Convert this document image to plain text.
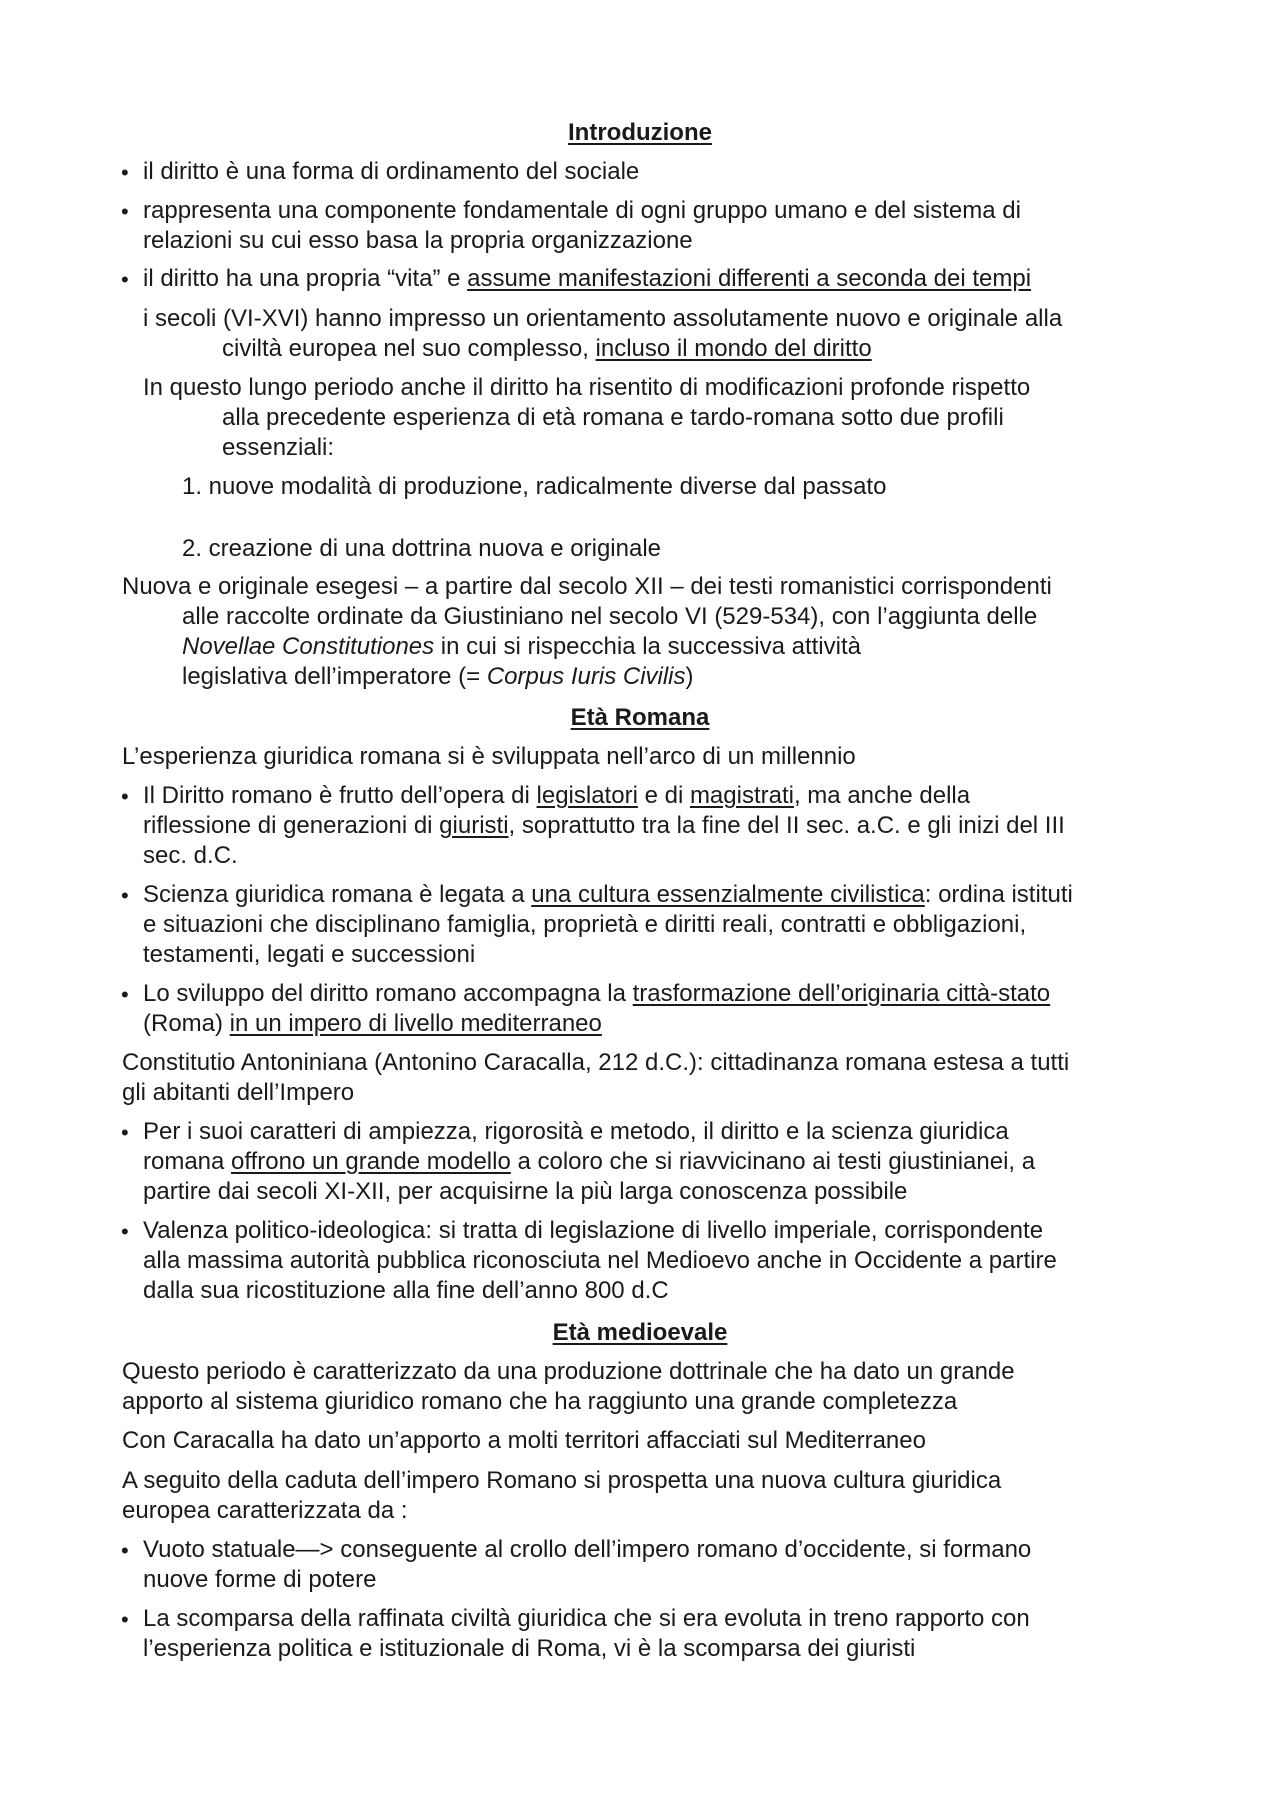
Introduzione
• il diritto è una forma di ordinamento del sociale

• rappresenta una componente fondamentale di ogni gruppo umano e del sistema di

relazioni su cui esso basa la propria organizzazione

• il diritto ha una propria “vita” e assume manifestazioni differenti a seconda dei tempi

i secoli (VI-XVI) hanno impresso un orientamento assolutamente nuovo e originale alla

civiltà europea nel suo complesso, incluso il mondo del diritto

In questo lungo periodo anche il diritto ha risentito di modificazioni profonde rispetto

alla precedente esperienza di età romana e tardo-romana sotto due profili

essenziali:

1. nuove modalità di produzione, radicalmente diverse dal passato

2. creazione di una dottrina nuova e originale

Nuova e originale esegesi – a partire dal secolo XII – dei testi romanistici corrispondenti

alle raccolte ordinate da Giustiniano nel secolo VI (529-534), con l’aggiunta delle

Novellae Constitutiones in cui si rispecchia la successiva attività

legislativa dell’imperatore (= Corpus Iuris Civilis)

Età Romana

L’esperienza giuridica romana si è sviluppata nell’arco di un millennio

• Il Diritto romano è frutto dell’opera di legislatori e di magistrati, ma anche della

riflessione di generazioni di giuristi, soprattutto tra la fine del II sec. a.C. e gli inizi del III

sec. d.C.

• Scienza giuridica romana è legata a una cultura essenzialmente civilistica: ordina istituti

e situazioni che disciplinano famiglia, proprietà e diritti reali, contratti e obbligazioni,

testamenti, legati e successioni

• Lo sviluppo del diritto romano accompagna la trasformazione dell’originaria città-stato

(Roma) in un impero di livello mediterraneo

Constitutio Antoniniana (Antonino Caracalla, 212 d.C.): cittadinanza romana estesa a tutti

gli abitanti dell’Impero

• Per i suoi caratteri di ampiezza, rigorosità e metodo, il diritto e la scienza giuridica

romana offrono un grande modello a coloro che si riavvicinano ai testi giustinianei, a

partire dai secoli XI-XII, per acquisirne la più larga conoscenza possibile

• Valenza politico-ideologica: si tratta di legislazione di livello imperiale, corrispondente

alla massima autorità pubblica riconosciuta nel Medioevo anche in Occidente a partire

dalla sua ricostituzione alla fine dell’anno 800 d.C

Età medioevale

Questo periodo è caratterizzato da una produzione dottrinale che ha dato un grande

apporto al sistema giuridico romano che ha raggiunto una grande completezza

Con Caracalla ha dato un’apporto a molti territori affacciati sul Mediterraneo

A seguito della caduta dell’impero Romano si prospetta una nuova cultura giuridica

europea caratterizzata da :

• Vuoto statuale—> conseguente al crollo dell’impero romano d’occidente, si formano

nuove forme di potere

• La scomparsa della raffinata civiltà giuridica che si era evoluta in treno rapporto con

l’esperienza politica e istituzionale di Roma, vi è la scomparsa dei giuristi
